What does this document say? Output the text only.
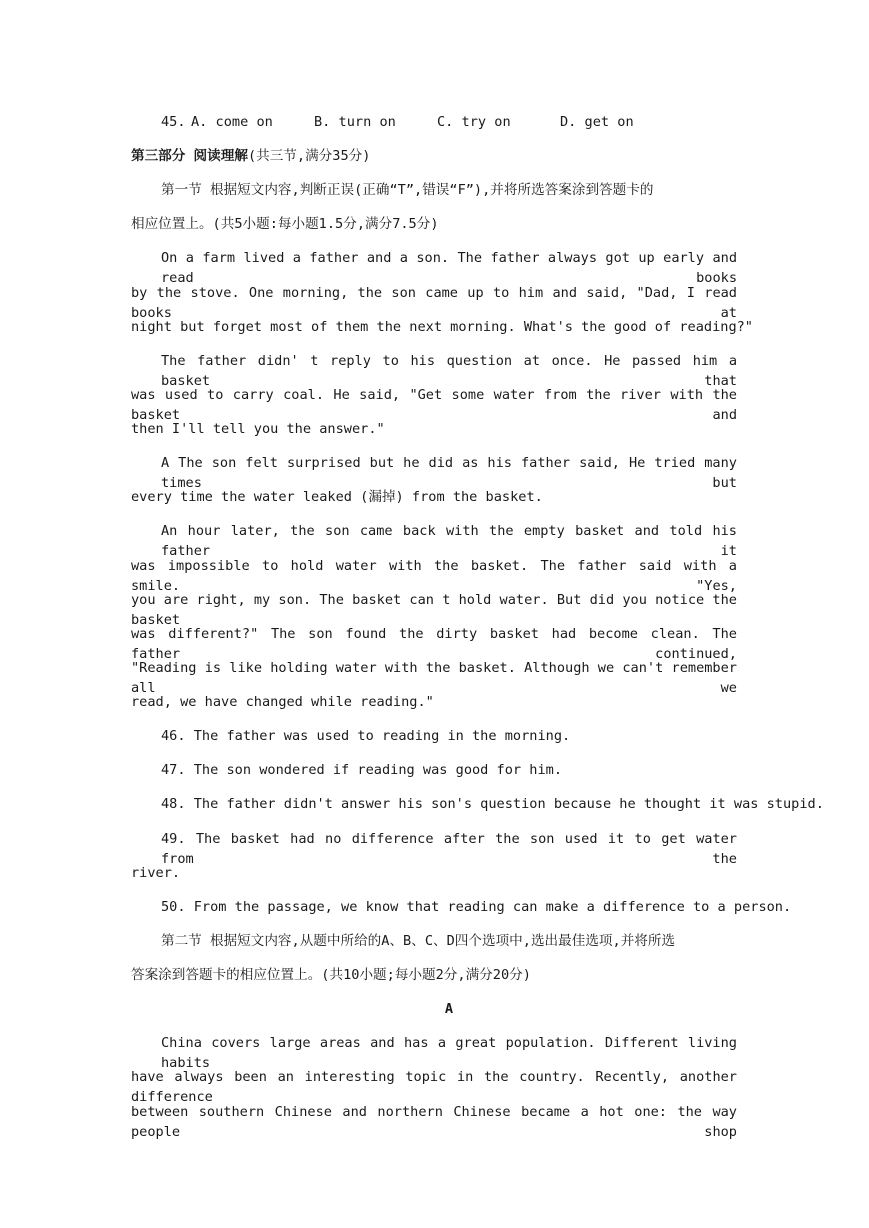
45. A. come on	B. turn on	C. try on	D. get on
第三部分 阅读理解(共三节,满分35分)
第一节 根据短文内容,判断正误(正确“T”,错误“F”),并将所选答案涂到答题卡的
相应位置上。(共5小题:每小题1.5分,满分7.5分)
On a farm lived a father and a son. The father always got up early and read books
by the stove. One morning, the son came up to him and said, "Dad, I read books at
night but forget most of them the next morning. What's the good of reading?"
The father didn' t reply to his question at once. He passed him a basket that
was used to carry coal. He said, "Get some water from the river with the basket and
then I'll tell you the answer."
A The son felt surprised but he did as his father said, He tried many times but
every time the water leaked (漏掉) from the basket.
An hour later, the son came back with the empty basket and told his father it
was impossible to hold water with the basket. The father said with a smile. "Yes,
you are right, my son. The basket can t hold water. But did you notice the basket
was different?" The son found the dirty basket had become clean. The father continued,
"Reading is like holding water with the basket. Although we can't remember all we
read, we have changed while reading."
46. The father was used to reading in the morning.
47. The son wondered if reading was good for him.
48. The father didn't answer his son's question because he thought it was stupid.
49. The basket had no difference after the son used it to get water from the
river.
50. From the passage, we know that reading can make a difference to a person.
第二节 根据短文内容,从题中所给的A、B、C、D四个选项中,选出最佳选项,并将所选
答案涂到答题卡的相应位置上。(共10小题;每小题2分,满分20分)
A
China covers large areas and has a great population. Different living habits
have always been an interesting topic in the country. Recently, another difference
between southern Chinese and northern Chinese became a hot one: the way people shop
